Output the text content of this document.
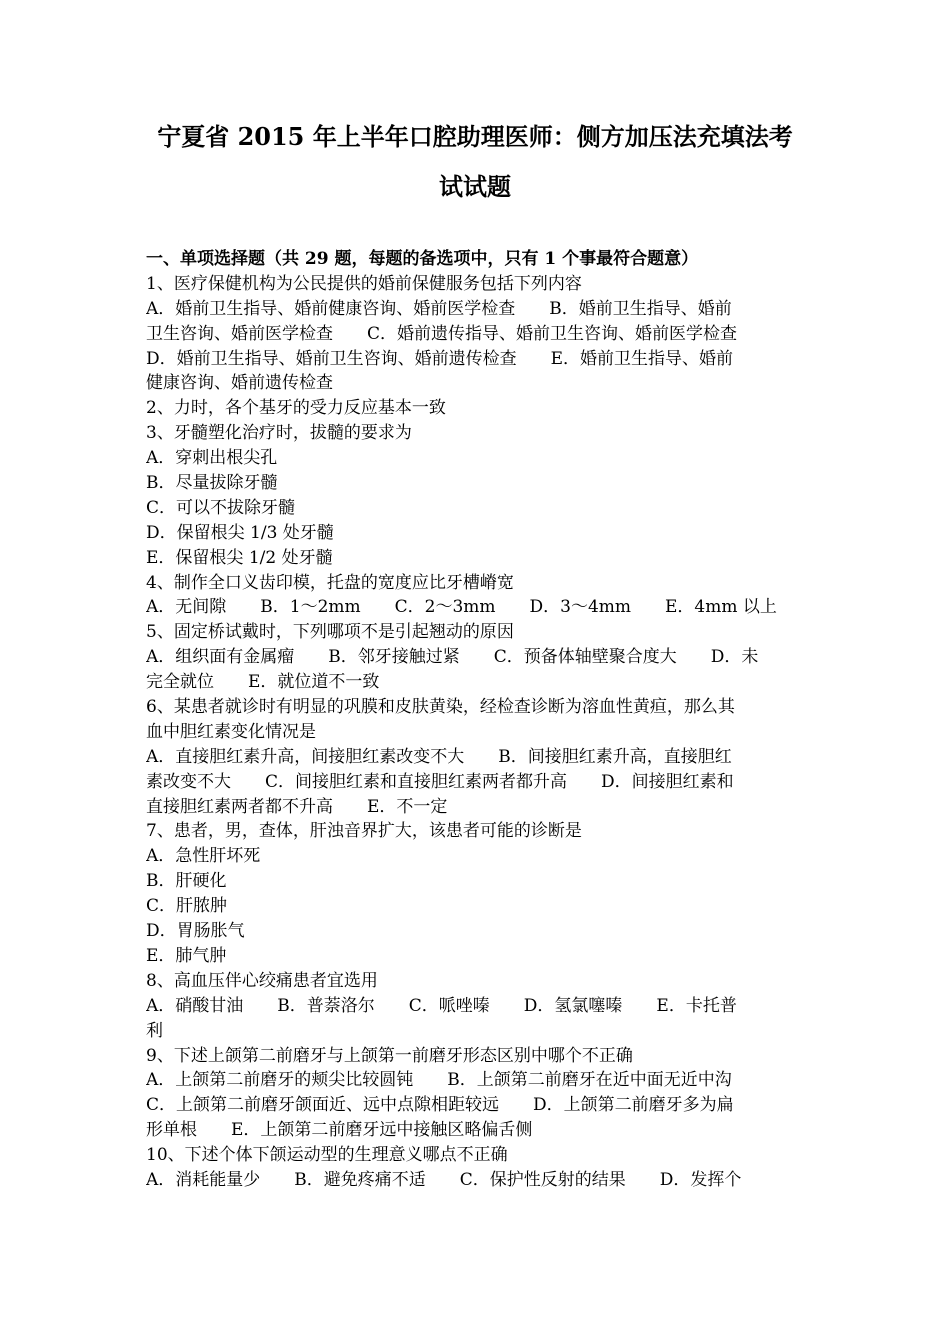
宁夏省 2015 年上半年口腔助理医师：侧方加压法充填法考
试试题
一、单项选择题（共 29 题，每题的备选项中，只有 1 个事最符合题意）
1、医疗保健机构为公民提供的婚前保健服务包括下列内容
A．婚前卫生指导、婚前健康咨询、婚前医学检查　　B．婚前卫生指导、婚前
卫生咨询、婚前医学检查　　C．婚前遗传指导、婚前卫生咨询、婚前医学检查
D．婚前卫生指导、婚前卫生咨询、婚前遗传检查　　E．婚前卫生指导、婚前
健康咨询、婚前遗传检查
2、力时，各个基牙的受力反应基本一致
3、牙髓塑化治疗时，拔髓的要求为
A．穿刺出根尖孔
B．尽量拔除牙髓
C．可以不拔除牙髓
D．保留根尖 1/3 处牙髓
E．保留根尖 1/2 处牙髓
4、制作全口义齿印模，托盘的宽度应比牙槽嵴宽
A．无间隙　　B．1～2mm　　C．2～3mm　　D．3～4mm　　E．4mm 以上
5、固定桥试戴时，下列哪项不是引起翘动的原因
A．组织面有金属瘤　　B．邻牙接触过紧　　C．预备体轴壁聚合度大　　D．未
完全就位　　E．就位道不一致
6、某患者就诊时有明显的巩膜和皮肤黄染，经检查诊断为溶血性黄疸，那么其
血中胆红素变化情况是
A．直接胆红素升高，间接胆红素改变不大　　B．间接胆红素升高，直接胆红
素改变不大　　C．间接胆红素和直接胆红素两者都升高　　D．间接胆红素和
直接胆红素两者都不升高　　E．不一定
7、患者，男，查体，肝浊音界扩大，该患者可能的诊断是
A．急性肝坏死
B．肝硬化
C．肝脓肿
D．胃肠胀气
E．肺气肿
8、高血压伴心绞痛患者宜选用
A．硝酸甘油　　B．普萘洛尔　　C．哌唑嗪　　D．氢氯噻嗪　　E．卡托普
利
9、下述上颌第二前磨牙与上颌第一前磨牙形态区别中哪个不正确
A．上颌第二前磨牙的颊尖比较圆钝　　B．上颌第二前磨牙在近中面无近中沟
C．上颌第二前磨牙颌面近、远中点隙相距较远　　D．上颌第二前磨牙多为扁
形单根　　E．上颌第二前磨牙远中接触区略偏舌侧
10、下述个体下颌运动型的生理意义哪点不正确
A．消耗能量少　　B．避免疼痛不适　　C．保护性反射的结果　　D．发挥个
